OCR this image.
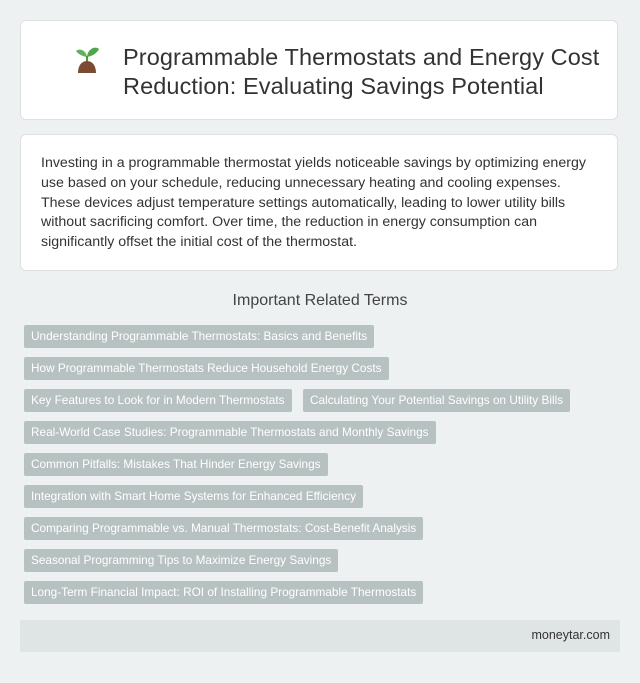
Programmable Thermostats and Energy Cost Reduction: Evaluating Savings Potential

Investing in a programmable thermostat yields noticeable savings by optimizing energy use based on your schedule, reducing unnecessary heating and cooling expenses. These devices adjust temperature settings automatically, leading to lower utility bills without sacrificing comfort. Over time, the reduction in energy consumption can significantly offset the initial cost of the thermostat.

Important Related Terms
Understanding Programmable Thermostats: Basics and Benefits
How Programmable Thermostats Reduce Household Energy Costs
Key Features to Look for in Modern Thermostats	Calculating Your Potential Savings on Utility Bills
Real-World Case Studies: Programmable Thermostats and Monthly Savings
Common Pitfalls: Mistakes That Hinder Energy Savings
Integration with Smart Home Systems for Enhanced Efficiency
Comparing Programmable vs. Manual Thermostats: Cost-Benefit Analysis
Seasonal Programming Tips to Maximize Energy Savings
Long-Term Financial Impact: ROI of Installing Programmable Thermostats
moneytar.com
